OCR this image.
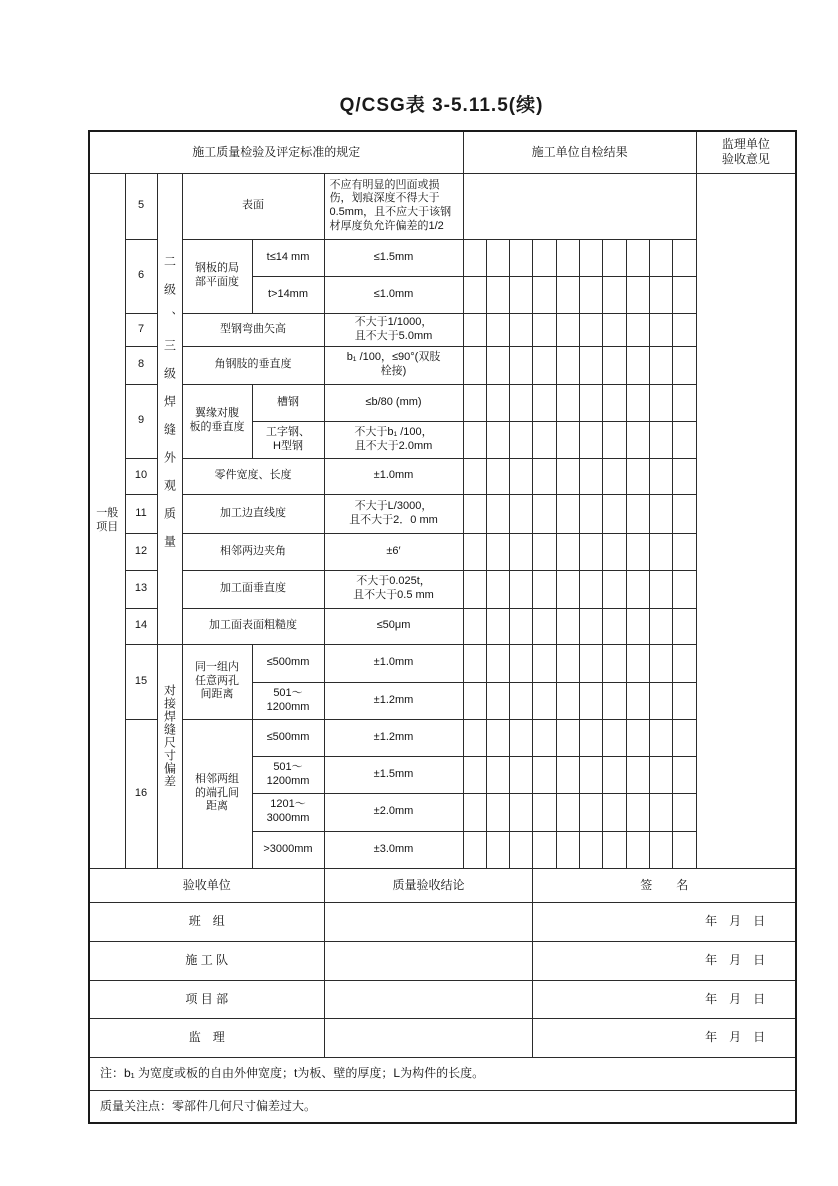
Q/CSG表 3-5.11.5(续)
施工质量检验及评定标准的规定						施工单位自检结果										监理单位
验收意见
一般
项目	5	二级、三级焊缝外观质量	表面		不应有明显的凹面或损伤，划痕深度不得大于0.5mm，且不应大于该钢材厚度负允许偏差的1/2											
	6		钢板的局
部平面度	t≤14 mm	≤1.5mm											
				t>14mm	≤1.0mm											
	7		型钢弯曲矢高		不大于1/1000，
且不大于5.0mm											
	8		角钢肢的垂直度		b₁ /100，≤90°(双肢
栓接)											
	9		翼缘对腹
板的垂直度	槽钢	≤b/80 (mm)											
				工字钢、
H型钢	不大于b₁ /100，
且不大于2.0mm											
	10		零件宽度、长度		±1.0mm											
	11		加工边直线度		不大于L/3000，
且不大于2．0 mm											
	12		相邻两边夹角		±6′											
	13		加工面垂直度		不大于0.025t，
且不大于0.5 mm											
	14		加工面表面粗糙度		≤50μm											
	15	对接焊缝尺寸偏差	同一组内
任意两孔
间距离	≤500mm	±1.0mm											
				501～
1200mm	±1.2mm											
	16		相邻两组
的端孔间
距离	≤500mm	±1.2mm											
				501～
1200mm	±1.5mm											
				1201～
3000mm	±2.0mm											
				>3000mm	±3.0mm											
验收单位					质量验收结论				签　　名							
班　组									年　月　日							
施 工 队									年　月　日							
项 目 部									年　月　日							
监　理									年　月　日							
注：b₁ 为宽度或板的自由外伸宽度；t为板、壁的厚度；L为构件的长度。																
质量关注点：零部件几何尺寸偏差过大。																
